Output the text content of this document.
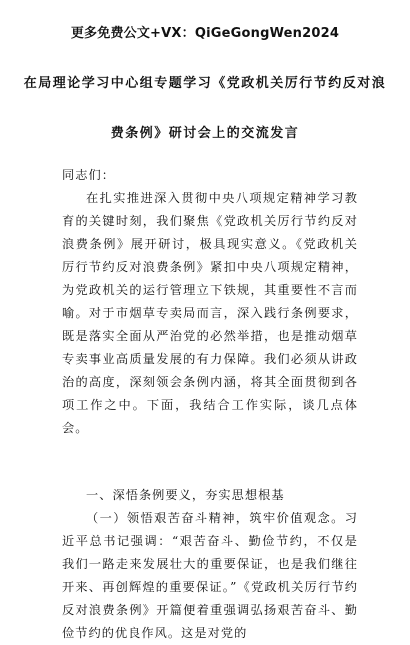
更多免费公文+VX：QiGeGongWen2024
在局理论学习中心组专题学习《党政机关厉行节约反对浪
费条例》研讨会上的交流发言
同志们：
在扎实推进深入贯彻中央八项规定精神学习教育的关键时刻，我们聚焦《党政机关厉行节约反对浪费条例》展开研讨，极具现实意义。《党政机关厉行节约反对浪费条例》紧扣中央八项规定精神，为党政机关的运行管理立下铁规，其重要性不言而喻。对于市烟草专卖局而言，深入践行条例要求，既是落实全面从严治党的必然举措，也是推动烟草专卖事业高质量发展的有力保障。我们必须从讲政治的高度，深刻领会条例内涵，将其全面贯彻到各项工作之中。下面，我结合工作实际，谈几点体会。
一、深悟条例要义，夯实思想根基
（一）领悟艰苦奋斗精神，筑牢价值观念。习近平总书记强调：“艰苦奋斗、勤俭节约，不仅是我们一路走来发展壮大的重要保证，也是我们继往开来、再创辉煌的重要保证。”《党政机关厉行节约反对浪费条例》开篇便着重强调弘扬艰苦奋斗、勤俭节约的优良作风。这是对党的
